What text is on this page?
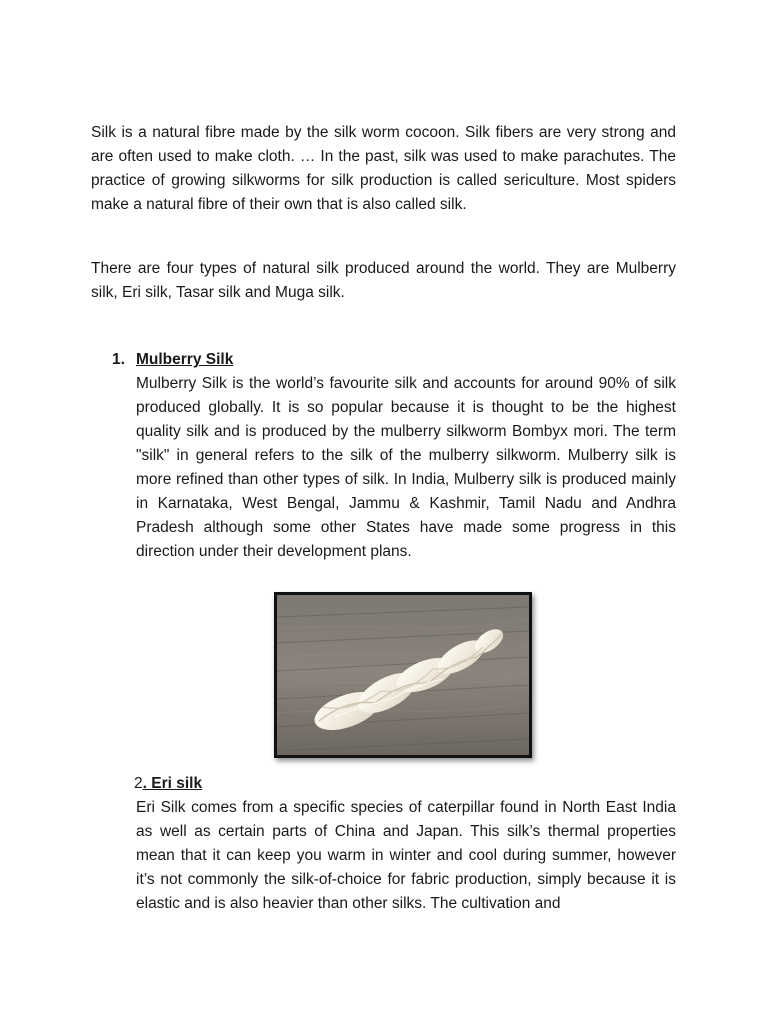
Silk is a natural fibre made by the silk worm cocoon. Silk fibers are very strong and are often used to make cloth. … In the past, silk was used to make parachutes. The practice of growing silkworms for silk production is called sericulture. Most spiders make a natural fibre of their own that is also called silk.

There are four types of natural silk produced around the world. They are Mulberry silk, Eri silk, Tasar silk and Muga silk.

1. Mulberry Silk

Mulberry Silk is the world’s favourite silk and accounts for around 90% of silk produced globally. It is so popular because it is thought to be the highest quality silk and is produced by the mulberry silkworm Bombyx mori. The term "silk" in general refers to the silk of the mulberry silkworm. Mulberry silk is more refined than other types of silk. In India, Mulberry silk is produced mainly in Karnataka, West Bengal, Jammu & Kashmir, Tamil Nadu and Andhra Pradesh although some other States have made some progress in this direction under their development plans.

2. Eri silk

Eri Silk comes from a specific species of caterpillar found in North East India as well as certain parts of China and Japan. This silk’s thermal properties mean that it can keep you warm in winter and cool during summer, however it’s not commonly the silk-of-choice for fabric production, simply because it is elastic and is also heavier than other silks. The cultivation and
